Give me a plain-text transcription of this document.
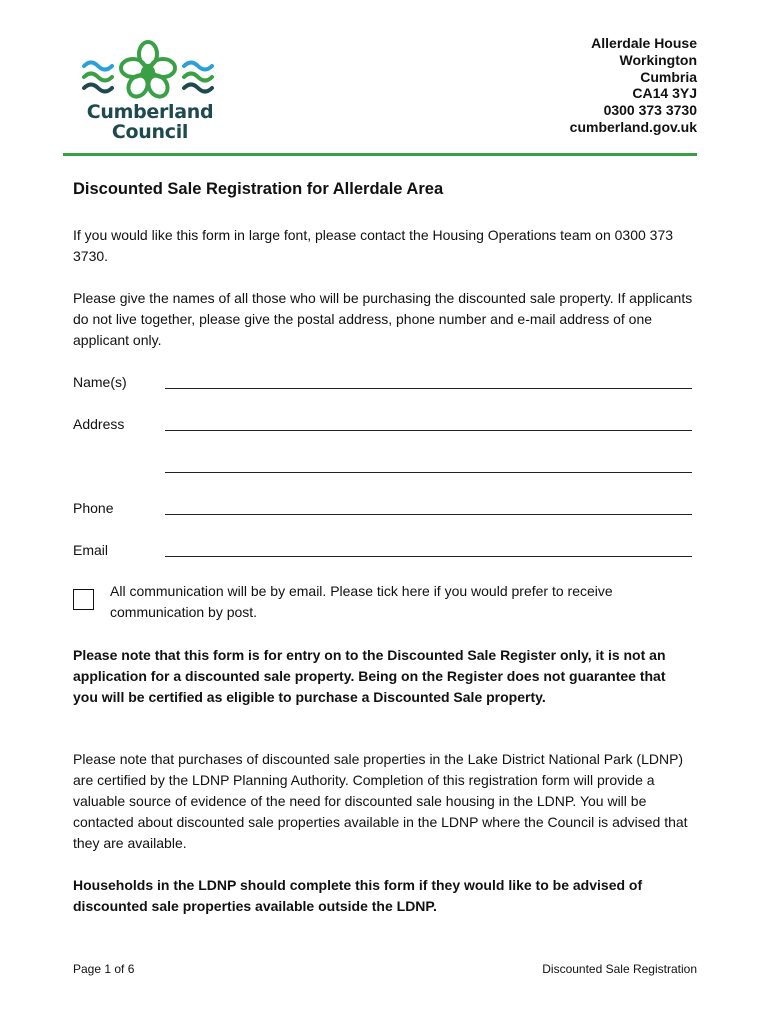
Cumberland
Council
Allerdale House
Workington
Cumbria
CA14 3YJ
0300 373 3730
cumberland.gov.uk
Discounted Sale Registration for Allerdale Area
If you would like this form in large font, please contact the Housing Operations team on 0300 373 3730.
Please give the names of all those who will be purchasing the discounted sale property. If applicants do not live together, please give the postal address, phone number and e-mail address of one applicant only.
Name(s)
Address
Phone
Email
All communication will be by email. Please tick here if you would prefer to receive communication by post.
Please note that this form is for entry on to the Discounted Sale Register only, it is not an application for a discounted sale property. Being on the Register does not guarantee that you will be certified as eligible to purchase a Discounted Sale property.
Please note that purchases of discounted sale properties in the Lake District National Park (LDNP) are certified by the LDNP Planning Authority. Completion of this registration form will provide a valuable source of evidence of the need for discounted sale housing in the LDNP. You will be contacted about discounted sale properties available in the LDNP where the Council is advised that they are available.
Households in the LDNP should complete this form if they would like to be advised of discounted sale properties available outside the LDNP.
Page 1 of 6	Discounted Sale Registration
